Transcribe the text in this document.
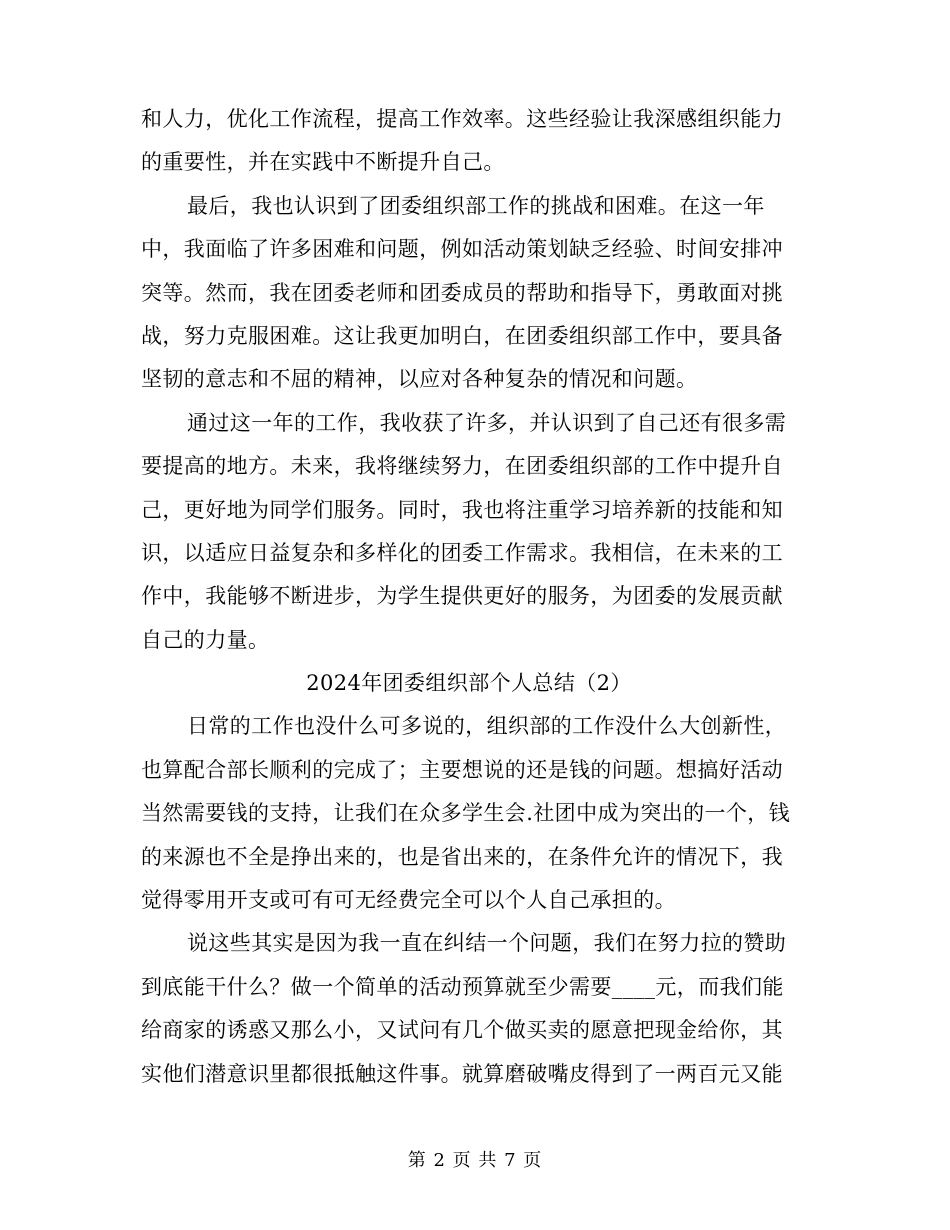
和人力，优化工作流程，提高工作效率。这些经验让我深感组织能力
的重要性，并在实践中不断提升自己。
最后，我也认识到了团委组织部工作的挑战和困难。在这一年
中，我面临了许多困难和问题，例如活动策划缺乏经验、时间安排冲
突等。然而，我在团委老师和团委成员的帮助和指导下，勇敢面对挑
战，努力克服困难。这让我更加明白，在团委组织部工作中，要具备
坚韧的意志和不屈的精神，以应对各种复杂的情况和问题。
通过这一年的工作，我收获了许多，并认识到了自己还有很多需
要提高的地方。未来，我将继续努力，在团委组织部的工作中提升自
己，更好地为同学们服务。同时，我也将注重学习培养新的技能和知
识，以适应日益复杂和多样化的团委工作需求。我相信，在未来的工
作中，我能够不断进步，为学生提供更好的服务，为团委的发展贡献
自己的力量。
2024年团委组织部个人总结（2）
日常的工作也没什么可多说的，组织部的工作没什么大创新性，
也算配合部长顺利的完成了；主要想说的还是钱的问题。想搞好活动
当然需要钱的支持，让我们在众多学生会.社团中成为突出的一个，钱
的来源也不全是挣出来的，也是省出来的，在条件允许的情况下，我
觉得零用开支或可有可无经费完全可以个人自己承担的。
说这些其实是因为我一直在纠结一个问题，我们在努力拉的赞助
到底能干什么？做一个简单的活动预算就至少需要____元，而我们能
给商家的诱惑又那么小，又试问有几个做买卖的愿意把现金给你，其
实他们潜意识里都很抵触这件事。就算磨破嘴皮得到了一两百元又能
第 2 页 共 7 页
